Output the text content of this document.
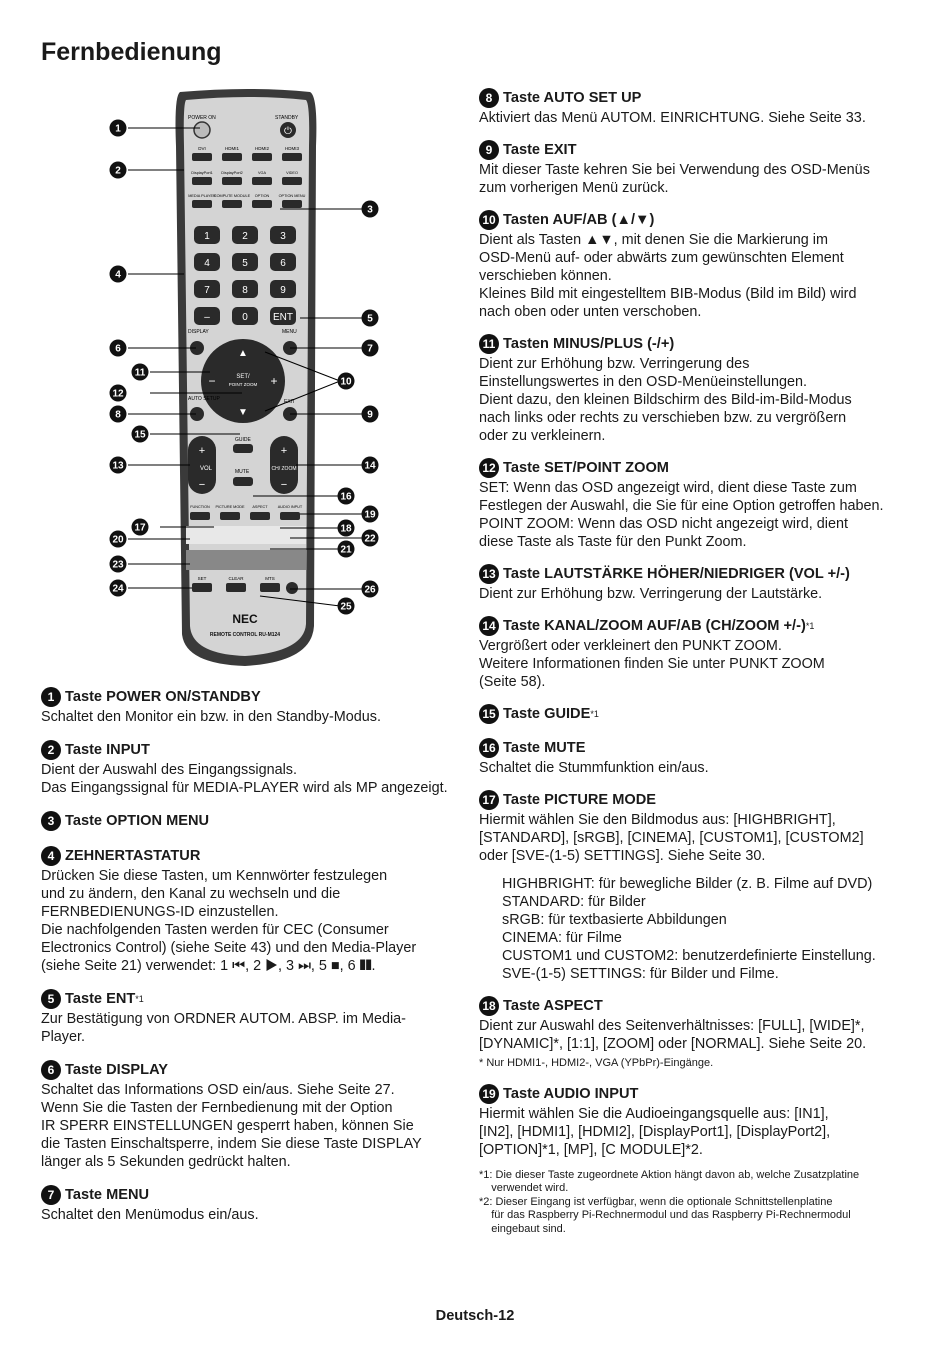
Fernbedienung
POWER ON	STANDBY
⏻
DVI	HDMI1	HDMI2	HDMI3
DisplayPort1 DisplayPort2	VGA	VIDEO
MEDIA PLAYER
COMPUTE MODULE OPTION OPTION MENU
1	2	3
4	5	6
7	8	9
–	0	ENT
DISPLAY	MENU
▲
▼
−	+
SET/
POINT ZOOM
AUTO SETUP	EXIT
GUIDE
+
VOL
−
+
CH/ ZOOM
−
MUTE
FUNCTION PICTURE MODE ASPECT	AUDIO INPUT
SET	CLEAR	MTS
NEC
REMOTE CONTROL RU-M124
1
2
3
4
5
6	7
8	9
10
11
12
13	14
15
16
17	18
19
20
21
22
23
24
25
26
1 Taste POWER ON/STANDBY
Schaltet den Monitor ein bzw. in den Standby-Modus.
2 Taste INPUT
Dient der Auswahl des Eingangssignals.
Das Eingangssignal für MEDIA-PLAYER wird als MP angezeigt.
3 Taste OPTION MENU
4 ZEHNERTASTATUR
Drücken Sie diese Tasten, um Kennwörter festzulegen
und zu ändern, den Kanal zu wechseln und die
FERNBEDIENUNGS-ID einzustellen.
Die nachfolgenden Tasten werden für CEC (Consumer
Electronics Control) (siehe Seite 43) und den Media-Player
(siehe Seite 21) verwendet: 1 ⏮, 2 ▶, 3 ⏭, 5 ■, 6 ❚❚.
5 Taste ENT *1
Zur Bestätigung von ORDNER AUTOM. ABSP. im Media-
Player.
6 Taste DISPLAY
Schaltet das Informations OSD ein/aus. Siehe Seite 27.
Wenn Sie die Tasten der Fernbedienung mit der Option
IR SPERR EINSTELLUNGEN gesperrt haben, können Sie
die Tasten Einschaltsperre, indem Sie diese Taste DISPLAY
länger als 5 Sekunden gedrückt halten.
7 Taste MENU
Schaltet den Menümodus ein/aus.
8 Taste AUTO SET UP
Aktiviert das Menü AUTOM. EINRICHTUNG. Siehe Seite 33.
9 Taste EXIT
Mit dieser Taste kehren Sie bei Verwendung des OSD-Menüs
zum vorherigen Menü zurück.
10 Tasten AUF/AB (▲/▼)
Dient als Tasten ▲▼, mit denen Sie die Markierung im
OSD-Menü auf- oder abwärts zum gewünschten Element
verschieben können.
Kleines Bild mit eingestelltem BIB-Modus (Bild im Bild) wird
nach oben oder unten verschoben.
11 Tasten MINUS/PLUS (-/+)
Dient zur Erhöhung bzw. Verringerung des
Einstellungswertes in den OSD-Menüeinstellungen.
Dient dazu, den kleinen Bildschirm des Bild-im-Bild-Modus
nach links oder rechts zu verschieben bzw. zu vergrößern
oder zu verkleinern.
12 Taste SET/POINT ZOOM
SET: Wenn das OSD angezeigt wird, dient diese Taste zum
Festlegen der Auswahl, die Sie für eine Option getroffen haben.
POINT ZOOM: Wenn das OSD nicht angezeigt wird, dient
diese Taste als Taste für den Punkt Zoom.
13 Taste LAUTSTÄRKE HÖHER/NIEDRIGER (VOL +/-)
Dient zur Erhöhung bzw. Verringerung der Lautstärke.
14 Taste KANAL/ZOOM AUF/AB (CH/ZOOM +/-) *1
Vergrößert oder verkleinert den PUNKT ZOOM.
Weitere Informationen finden Sie unter PUNKT ZOOM
(Seite 58).
15 Taste GUIDE *1
16 Taste MUTE
Schaltet die Stummfunktion ein/aus.
17 Taste PICTURE MODE
Hiermit wählen Sie den Bildmodus aus: [HIGHBRIGHT],
[STANDARD], [sRGB], [CINEMA], [CUSTOM1], [CUSTOM2]
oder [SVE-(1-5) SETTINGS]. Siehe Seite 30.
HIGHBRIGHT: für bewegliche Bilder (z. B. Filme auf DVD)
STANDARD: für Bilder
sRGB: für textbasierte Abbildungen
CINEMA: für Filme
CUSTOM1 und CUSTOM2: benutzerdefinierte Einstellung.
SVE-(1-5) SETTINGS: für Bilder und Filme.
18 Taste ASPECT
Dient zur Auswahl des Seitenverhältnisses: [FULL], [WIDE]*,
[DYNAMIC]*, [1:1], [ZOOM] oder [NORMAL]. Siehe Seite 20.
* Nur HDMI1-, HDMI2-, VGA (YPbPr)-Eingänge.
19 Taste AUDIO INPUT
Hiermit wählen Sie die Audioeingangsquelle aus: [IN1],
[IN2], [HDMI1], [HDMI2], [DisplayPort1], [DisplayPort2],
[OPTION]*1, [MP], [C MODULE]*2.
*1: Die dieser Taste zugeordnete Aktion hängt davon ab, welche Zusatzplatine
verwendet wird.
*2: Dieser Eingang ist verfügbar, wenn die optionale Schnittstellenplatine
für das Raspberry Pi-Rechnermodul und das Raspberry Pi-Rechnermodul
eingebaut sind.
Deutsch-12
